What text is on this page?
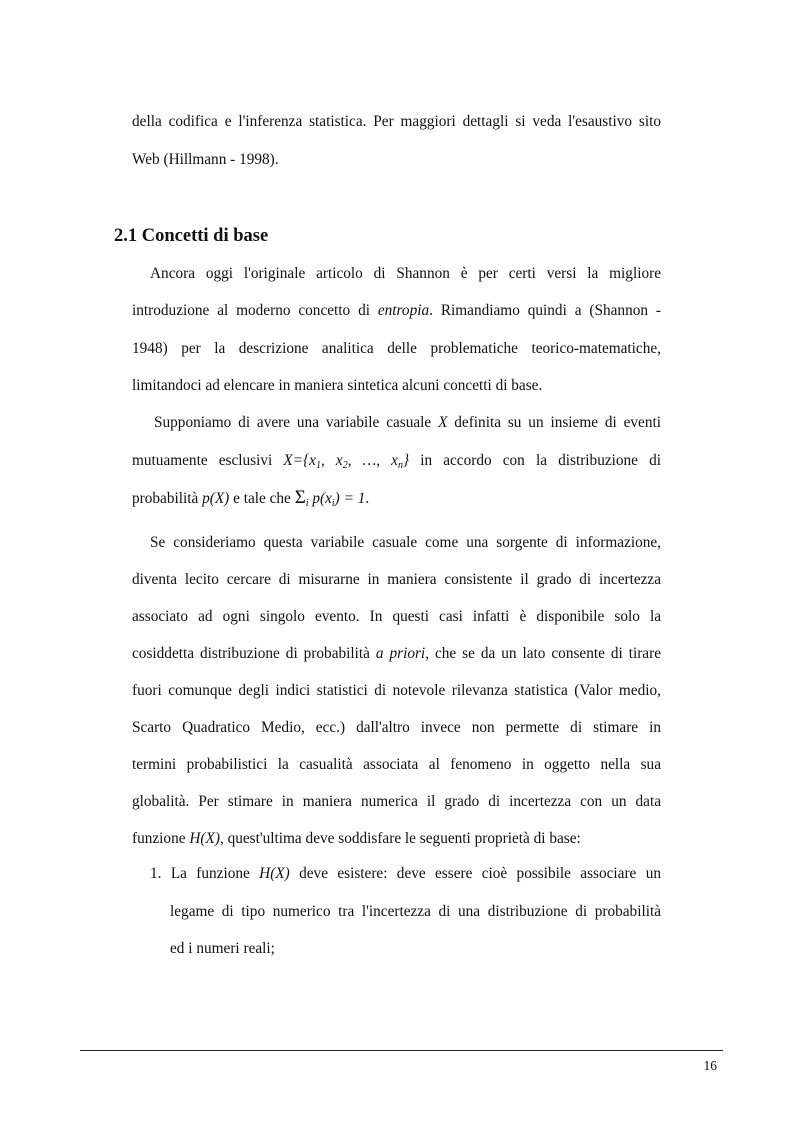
della codifica e l'inferenza statistica. Per maggiori dettagli si veda l'esaustivo sito
Web (Hillmann - 1998).
2.1 Concetti di base
Ancora oggi l'originale articolo di Shannon è per certi versi la migliore
introduzione al moderno concetto di entropia. Rimandiamo quindi a (Shannon -
1948) per la descrizione analitica delle problematiche teorico-matematiche,
limitandoci ad elencare in maniera sintetica alcuni concetti di base.
Supponiamo di avere una variabile casuale X definita su un insieme di eventi
mutuamente esclusivi $X=\{x_1$, $x_2$, …, $x_n$} in accordo con la distribuzione di
probabilità p(X) e tale che $\Sigma_i$ $p(x_i) = 1$.
Se consideriamo questa variabile casuale come una sorgente di informazione,
diventa lecito cercare di misurarne in maniera consistente il grado di incertezza
associato ad ogni singolo evento. In questi casi infatti è disponibile solo la
cosiddetta distribuzione di probabilità a priori, che se da un lato consente di tirare
fuori comunque degli indici statistici di notevole rilevanza statistica (Valor medio,
Scarto Quadratico Medio, ecc.) dall'altro invece non permette di stimare in
termini probabilistici la casualità associata al fenomeno in oggetto nella sua
globalità. Per stimare in maniera numerica il grado di incertezza con un data
funzione H(X), quest'ultima deve soddisfare le seguenti proprietà di base:
1. La funzione H(X) deve esistere: deve essere cioè possibile associare un
legame di tipo numerico tra l'incertezza di una distribuzione di probabilità
ed i numeri reali;
16
